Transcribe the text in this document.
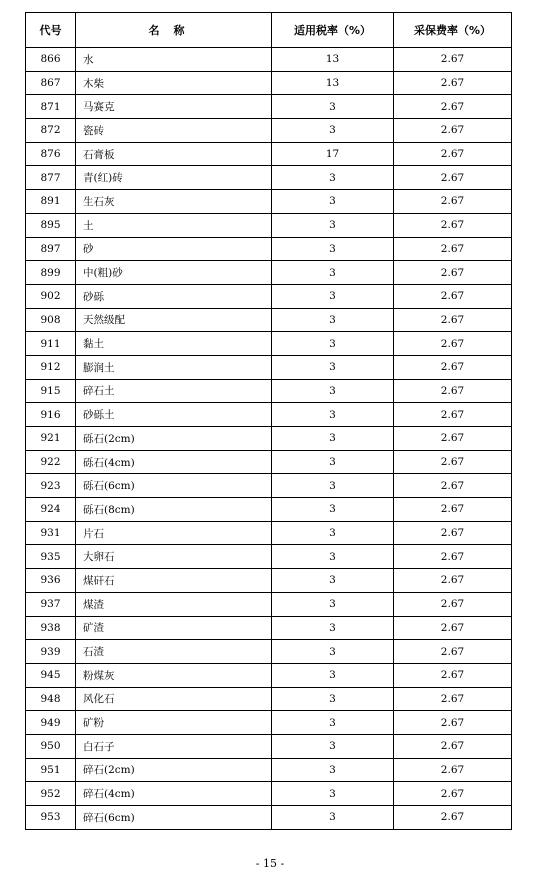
代号	名称	适用税率（%）	采保费率（%）
866	水	13	2.67
867	木柴	13	2.67
871	马赛克	3	2.67
872	瓷砖	3	2.67
876	石膏板	17	2.67
877	青(红)砖	3	2.67
891	生石灰	3	2.67
895	土	3	2.67
897	砂	3	2.67
899	中(粗)砂	3	2.67
902	砂砾	3	2.67
908	天然级配	3	2.67
911	黏土	3	2.67
912	膨润土	3	2.67
915	碎石土	3	2.67
916	砂砾土	3	2.67
921	砾石(2cm)	3	2.67
922	砾石(4cm)	3	2.67
923	砾石(6cm)	3	2.67
924	砾石(8cm)	3	2.67
931	片石	3	2.67
935	大卵石	3	2.67
936	煤矸石	3	2.67
937	煤渣	3	2.67
938	矿渣	3	2.67
939	石渣	3	2.67
945	粉煤灰	3	2.67
948	风化石	3	2.67
949	矿粉	3	2.67
950	白石子	3	2.67
951	碎石(2cm)	3	2.67
952	碎石(4cm)	3	2.67
953	碎石(6cm)	3	2.67
- 15 -
